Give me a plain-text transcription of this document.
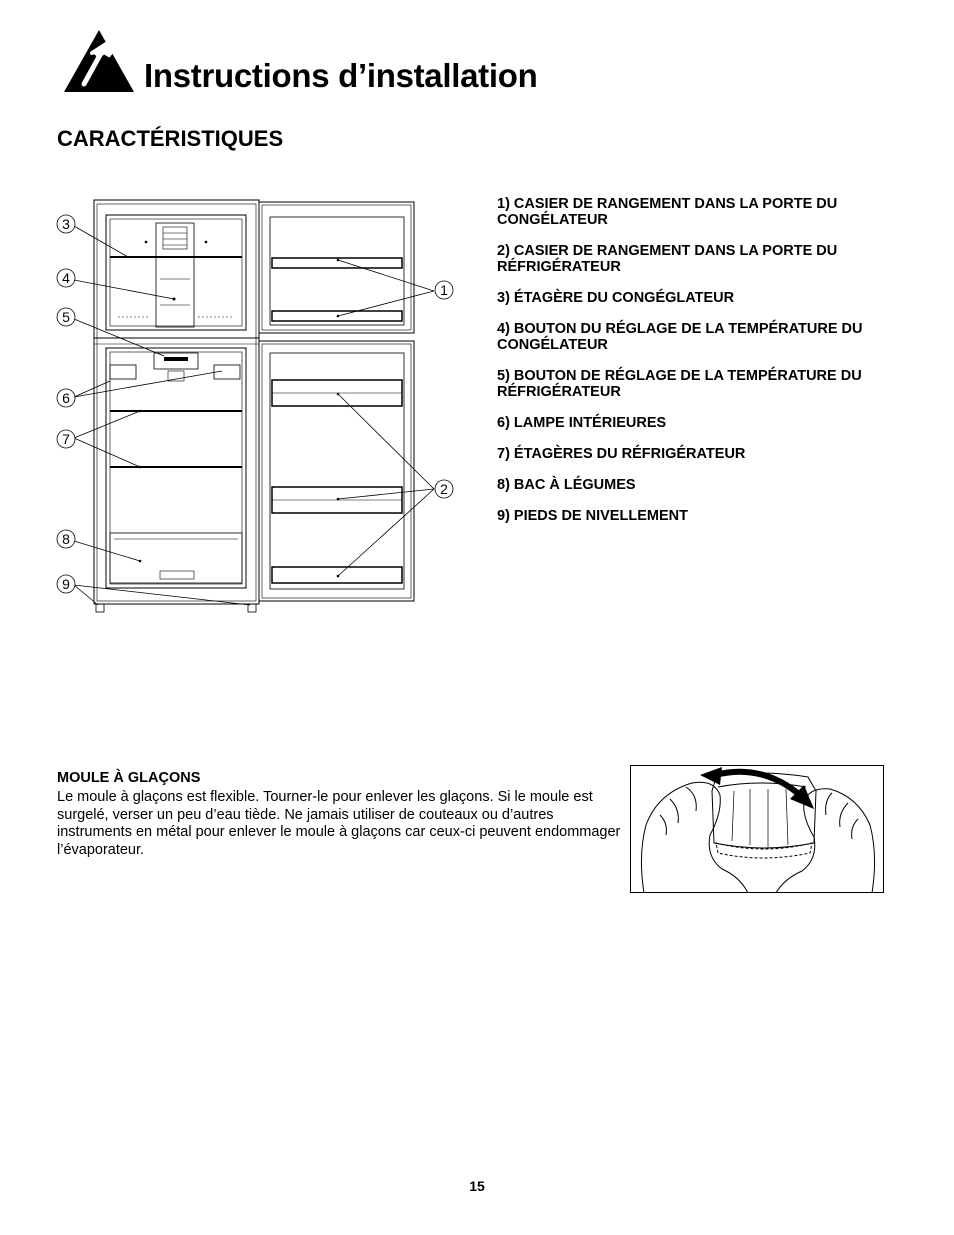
Instructions d’installation
CARACTÉRISTIQUES
3
4
5
6
7
8
9
1
2
1) CASIER DE RANGEMENT DANS LA PORTE DU CONGÉLATEUR
2) CASIER DE RANGEMENT DANS LA PORTE DU RÉFRIGÉRATEUR
3) ÉTAGÈRE DU CONGÉGLATEUR
4) BOUTON DU RÉGLAGE DE LA TEMPÉRATURE DU CONGÉLATEUR
5) BOUTON DE RÉGLAGE DE LA TEMPÉRATURE DU RÉFRIGÉRATEUR
6) LAMPE INTÉRIEURES
7) ÉTAGÈRES DU RÉFRIGÉRATEUR
8) BAC À LÉGUMES
9) PIEDS DE NIVELLEMENT
MOULE À GLAÇONS

Le moule à glaçons est flexible. Tourner-le pour enlever les glaçons. Si le moule est surgelé, verser un peu d’eau tiède. Ne jamais utiliser de couteaux ou d’autres instruments en métal pour enlever le moule à glaçons car ceux-ci peuvent endommager l’évaporateur.

15
